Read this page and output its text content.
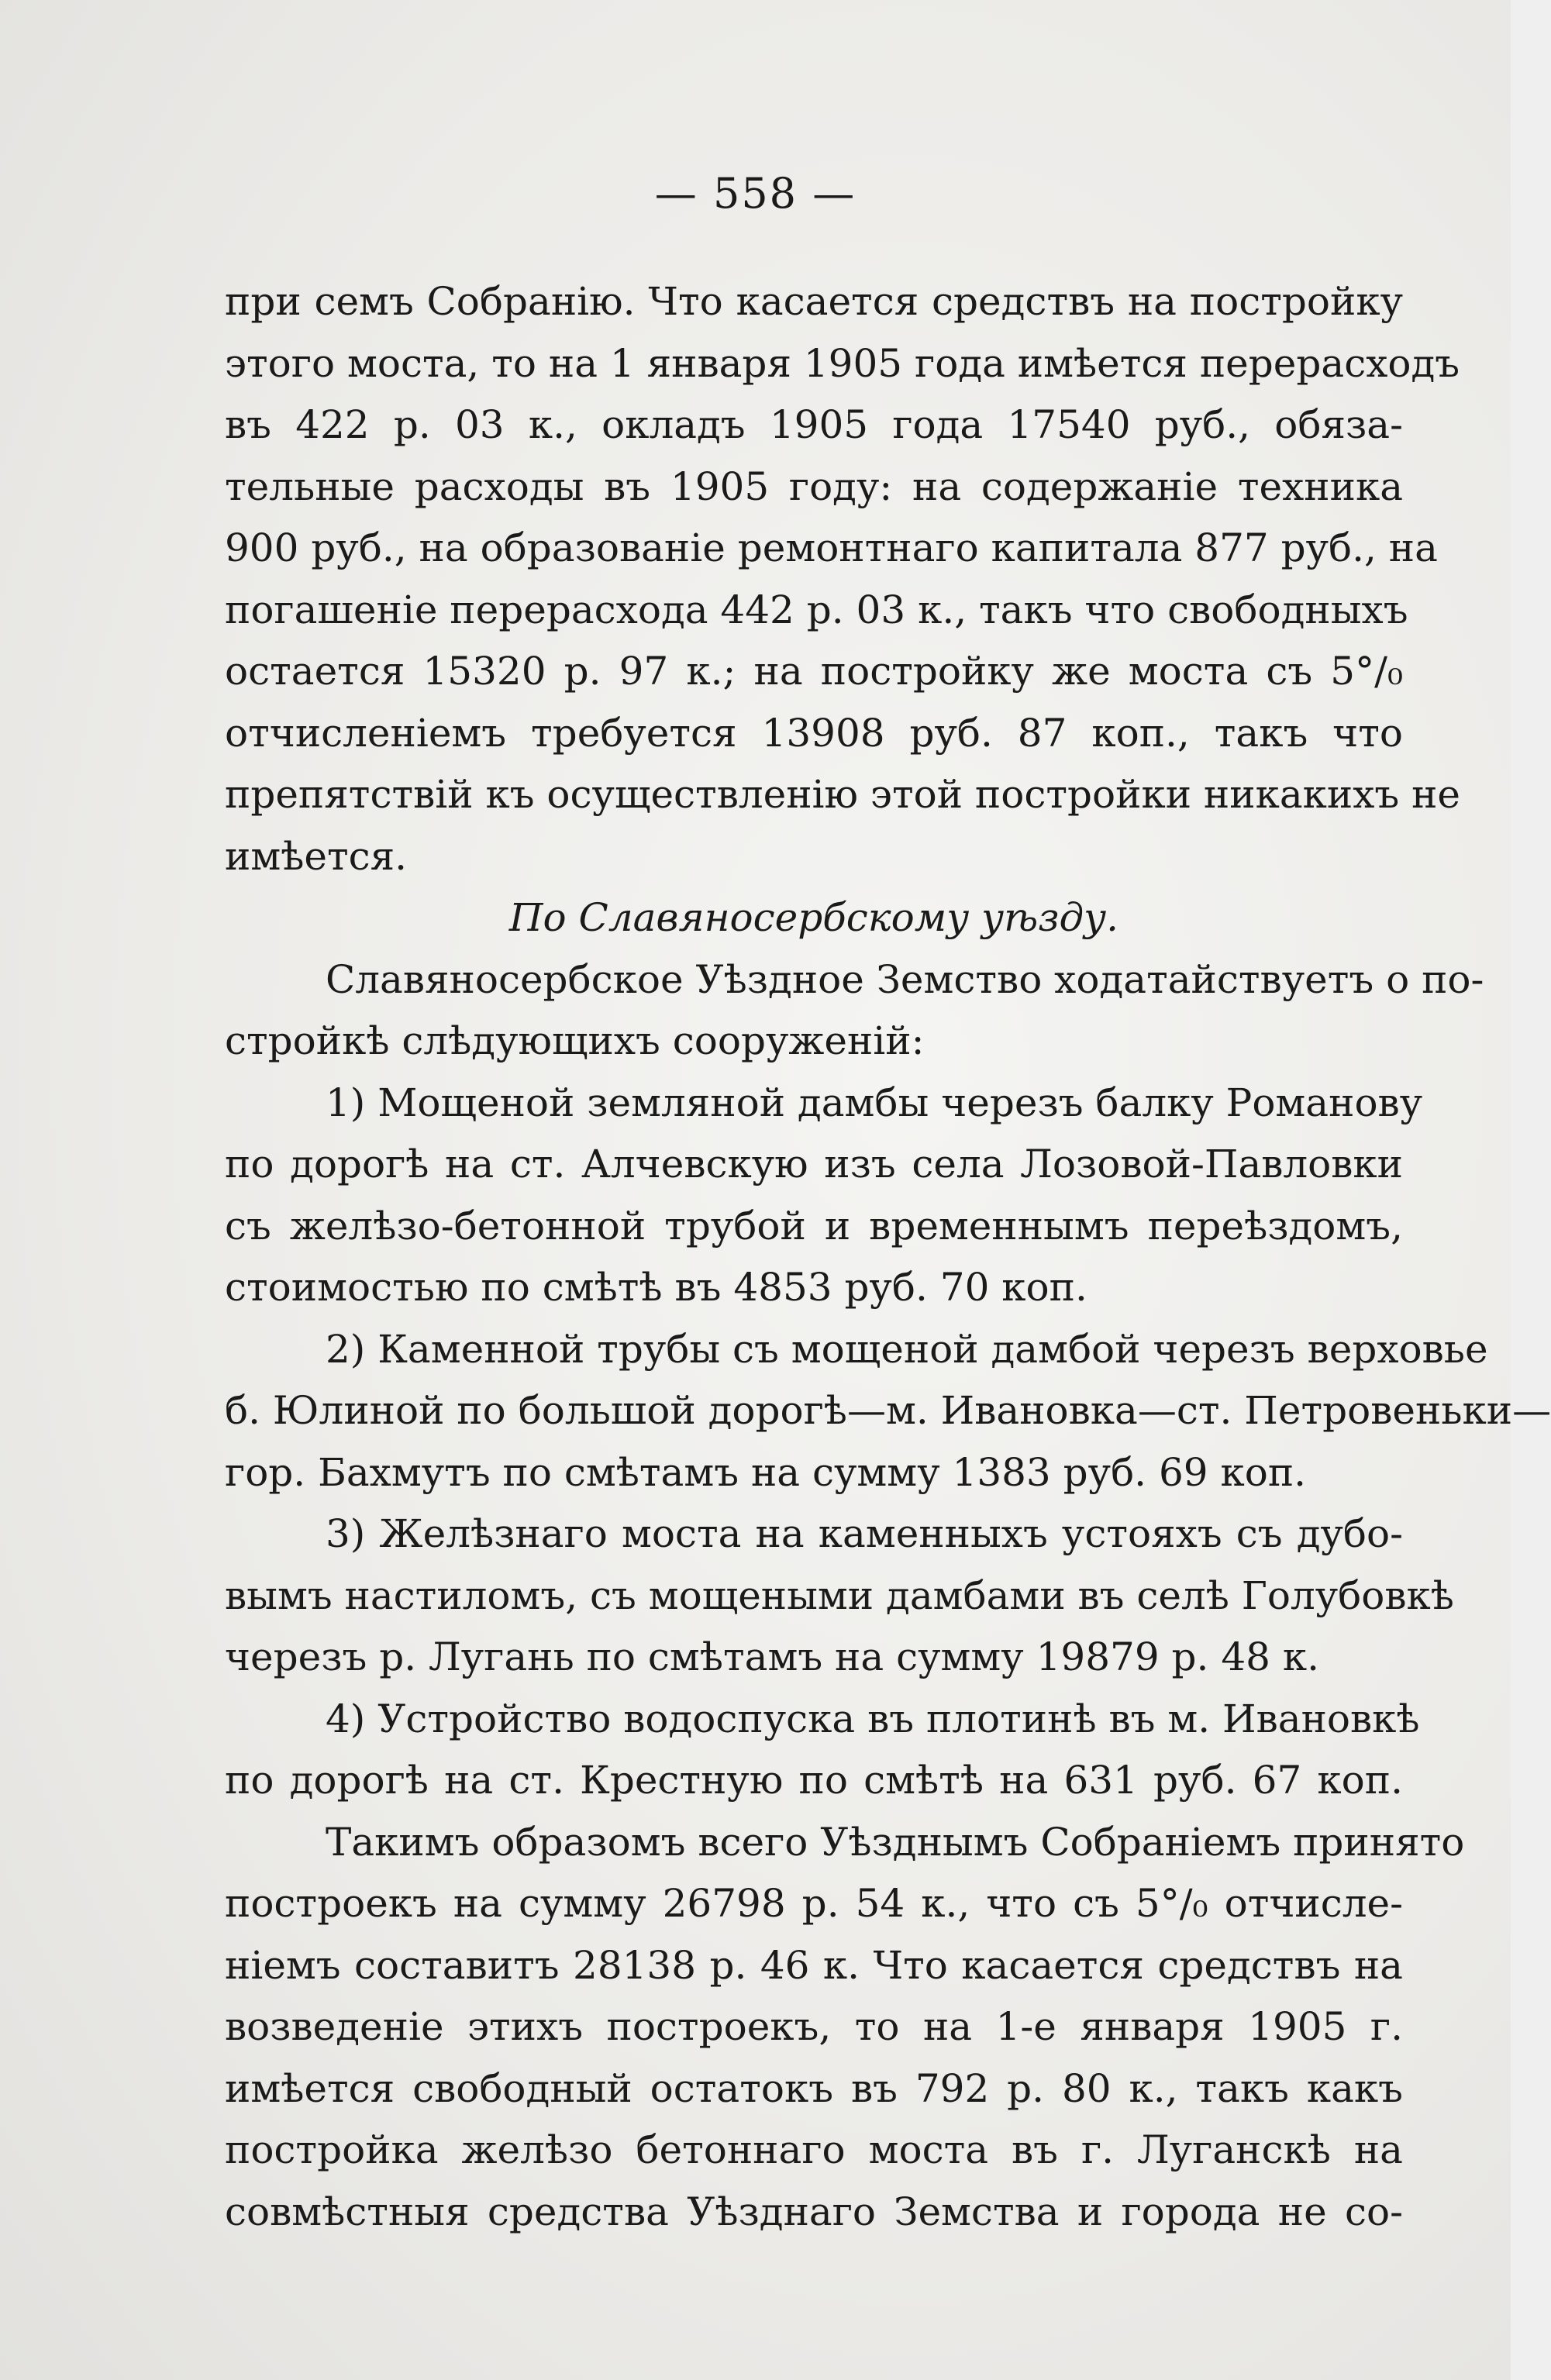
— 558 —
при семъ Собранію. Что касается средствъ на постройку
этого моста, то на 1 января 1905 года имѣется перерасходъ
въ 422 р. 03 к., окладъ 1905 года 17540 руб., обяза-
тельные расходы въ 1905 году: на содержаніе техника
900 руб., на образованіе ремонтнаго капитала 877 руб., на
погашеніе перерасхода 442 р. 03 к., такъ что свободныхъ
остается 15320 р. 97 к.; на постройку же моста съ 5°/₀
отчисленіемъ требуется 13908 руб. 87 коп., такъ что
препятствій къ осуществленію этой постройки никакихъ не
имѣется.
По Славяносербскому уѣзду.
Славяносербское Уѣздное Земство ходатайствуетъ о по-
стройкѣ слѣдующихъ сооруженій:
1) Мощеной земляной дамбы черезъ балку Романову
по дорогѣ на ст. Алчевскую изъ села Лозовой-Павловки
съ желѣзо-бетонной трубой и временнымъ переѣздомъ,
стоимостью по смѣтѣ въ 4853 руб. 70 коп.
2) Каменной трубы съ мощеной дамбой черезъ верховье
б. Юлиной по большой дорогѣ—м. Ивановка—ст. Петровеньки—
гор. Бахмутъ по смѣтамъ на сумму 1383 руб. 69 коп.
3) Желѣзнаго моста на каменныхъ устояхъ съ дубо-
вымъ настиломъ, съ мощеными дамбами въ селѣ Голубовкѣ
черезъ р. Лугань по смѣтамъ на сумму 19879 р. 48 к.
4) Устройство водоспуска въ плотинѣ въ м. Ивановкѣ
по дорогѣ на ст. Крестную по смѣтѣ на 631 руб. 67 коп.
Такимъ образомъ всего Уѣзднымъ Собраніемъ принято
построекъ на сумму 26798 р. 54 к., что съ 5°/₀ отчисле-
ніемъ составитъ 28138 р. 46 к. Что касается средствъ на
возведеніе этихъ построекъ, то на 1-е января 1905 г.
имѣется свободный остатокъ въ 792 р. 80 к., такъ какъ
постройка желѣзо бетоннаго моста въ г. Луганскѣ на
совмѣстныя средства Уѣзднаго Земства и города не со-
